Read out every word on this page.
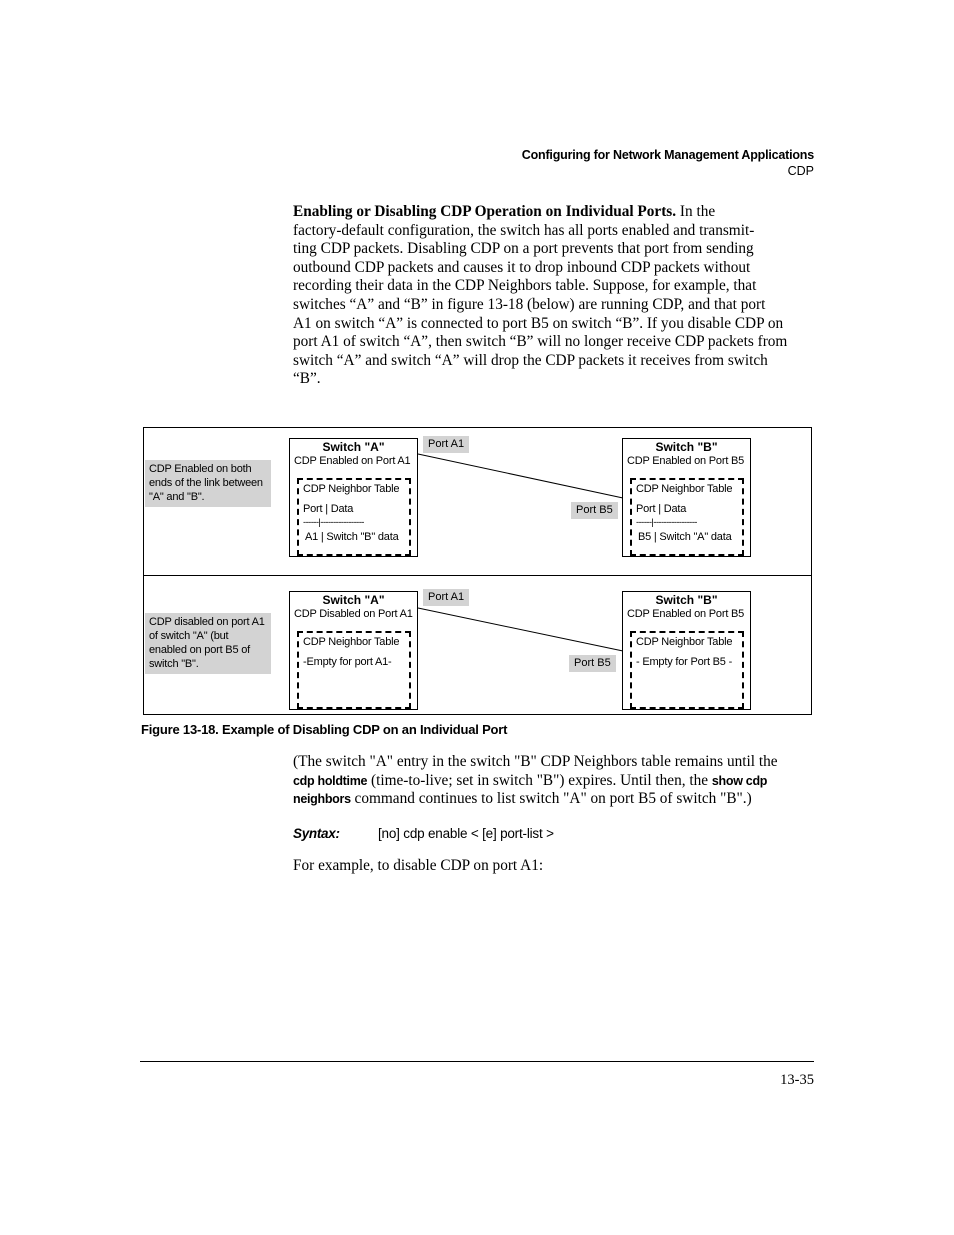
Configuring for Network Management Applications
CDP
Enabling or Disabling CDP Operation on Individual Ports. In the
factory-default configuration, the switch has all ports enabled and transmit-
ting CDP packets. Disabling CDP on a port prevents that port from sending
outbound CDP packets and causes it to drop inbound CDP packets without
recording their data in the CDP Neighbors table. Suppose, for example, that
switches “A” and “B” in figure 13-18 (below) are running CDP, and that port
A1 on switch “A” is connected to port B5 on switch “B”. If you disable CDP on
port A1 of switch “A”, then switch “B” will no longer receive CDP packets from
switch “A” and switch “A” will drop the CDP packets it receives from switch
“B”.
CDP Enabled on both
ends of the link between
"A" and "B".
Switch "A"
CDP Enabled on Port A1
CDP Neighbor Table
Port | Data
------|-----------------
A1 | Switch "B" data
Port A1
Port B5
Switch "B"
CDP Enabled on Port B5
CDP Neighbor Table
Port | Data
------|-----------------
B5 | Switch "A" data
CDP disabled on port A1
of switch "A" (but
enabled on port B5 of
switch "B".
Switch "A"
CDP Disabled on Port A1
CDP Neighbor Table
-Empty for port A1-
Port A1
Port B5
Switch "B"
CDP Enabled on Port B5
CDP Neighbor Table
- Empty for Port B5 -
Figure 13-18. Example of Disabling CDP on an Individual Port
(The switch "A" entry in the switch "B" CDP Neighbors table remains until the
cdp holdtime (time-to-live; set in switch "B") expires. Until then, the show cdp
neighbors command continues to list switch "A" on port B5 of switch "B".)
Syntax:	[no] cdp enable < [e] port-list >
For example, to disable CDP on port A1:
13-35
